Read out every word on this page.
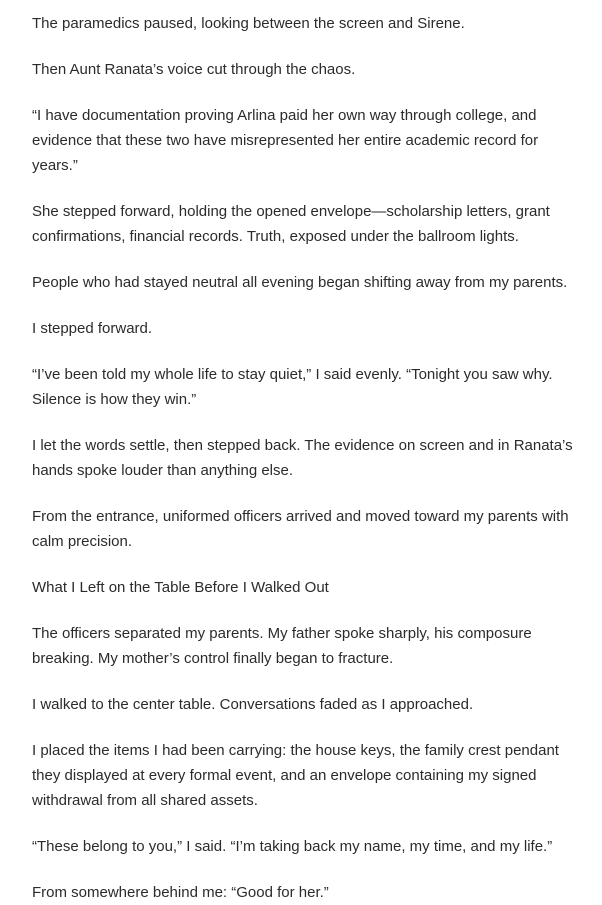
The paramedics paused, looking between the screen and Sirene.

Then Aunt Ranata’s voice cut through the chaos.

“I have documentation proving Arlina paid her own way through college, and evidence that these two have misrepresented her entire academic record for years.”

She stepped forward, holding the opened envelope—scholarship letters, grant confirmations, financial records. Truth, exposed under the ballroom lights.

People who had stayed neutral all evening began shifting away from my parents.

I stepped forward.

“I’ve been told my whole life to stay quiet,” I said evenly. “Tonight you saw why. Silence is how they win.”

I let the words settle, then stepped back. The evidence on screen and in Ranata’s hands spoke louder than anything else.

From the entrance, uniformed officers arrived and moved toward my parents with calm precision.

What I Left on the Table Before I Walked Out

The officers separated my parents. My father spoke sharply, his composure breaking. My mother’s control finally began to fracture.

I walked to the center table. Conversations faded as I approached.

I placed the items I had been carrying: the house keys, the family crest pendant they displayed at every formal event, and an envelope containing my signed withdrawal from all shared assets.

“These belong to you,” I said. “I’m taking back my name, my time, and my life.”

From somewhere behind me: “Good for her.”
